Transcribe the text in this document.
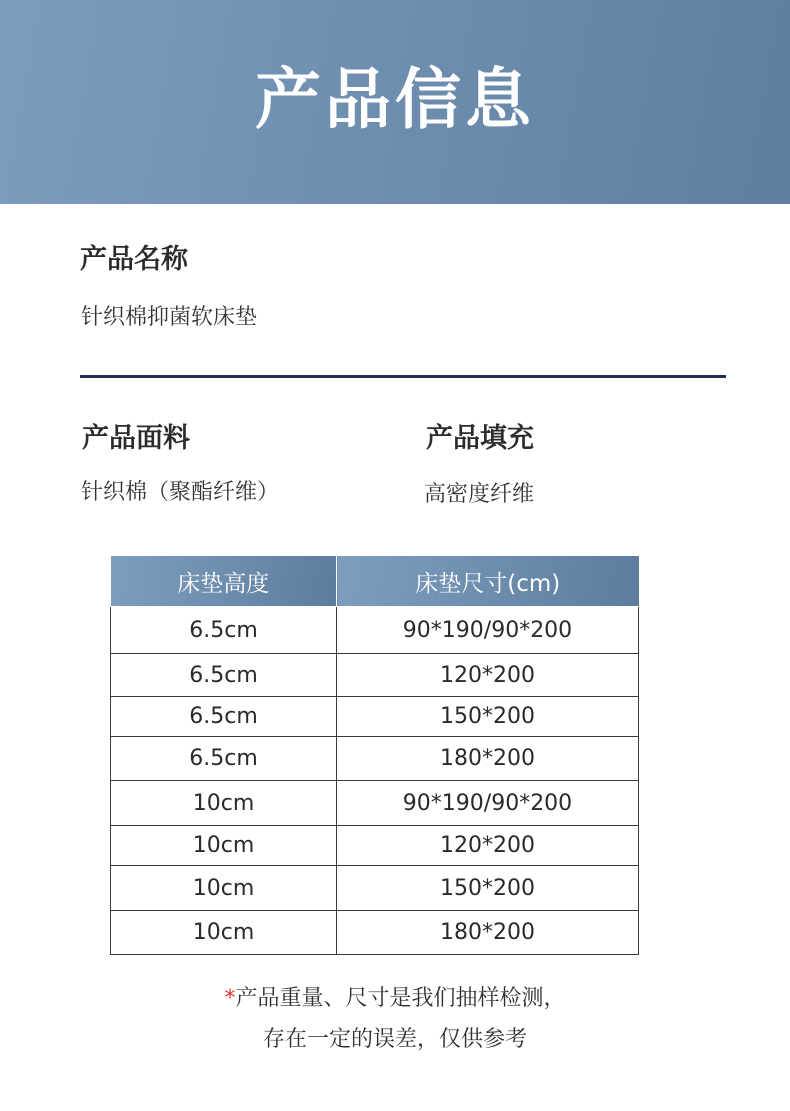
产品信息
产品名称
针织棉抑菌软床垫
产品面料
针织棉（聚酯纤维）
产品填充
高密度纤维
床垫高度	床垫尺寸(cm)
6.5cm	90*190/90*200
6.5cm	120*200
6.5cm	150*200
6.5cm	180*200
10cm	90*190/90*200
10cm	120*200
10cm	150*200
10cm	180*200
*产品重量、尺寸是我们抽样检测，
存在一定的误差，仅供参考
